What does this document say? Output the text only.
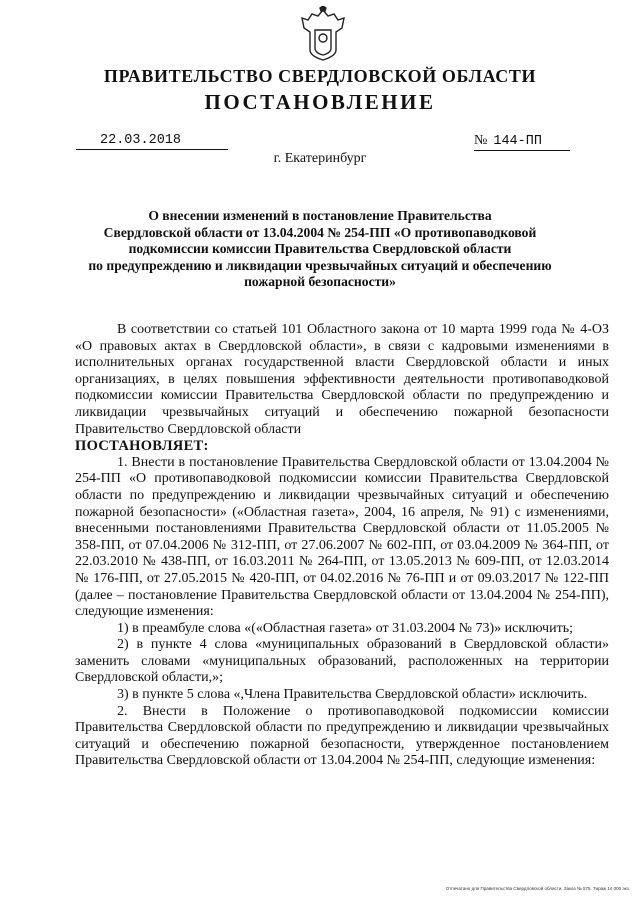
ПРАВИТЕЛЬСТВО СВЕРДЛОВСКОЙ ОБЛАСТИ
ПОСТАНОВЛЕНИЕ
22.03.2018	№ 144-ПП
г. Екатеринбург
О внесении изменений в постановление Правительства
Свердловской области от 13.04.2004 № 254-ПП «О противопаводковой
подкомиссии комиссии Правительства Свердловской области
по предупреждению и ликвидации чрезвычайных ситуаций и обеспечению
пожарной безопасности»

В соответствии со статьей 101 Областного закона от 10 марта 1999 года № 4-ОЗ «О правовых актах в Свердловской области», в связи с кадровыми изменениями в исполнительных органах государственной власти Свердловской области и иных организациях, в целях повышения эффективности деятельности противопаводковой подкомиссии комиссии Правительства Свердловской области по предупреждению и ликвидации чрезвычайных ситуаций и обеспечению пожарной безопасности Правительство Свердловской области

ПОСТАНОВЛЯЕТ:

1. Внести в постановление Правительства Свердловской области от 13.04.2004 № 254-ПП «О противопаводковой подкомиссии комиссии Правительства Свердловской области по предупреждению и ликвидации чрезвычайных ситуаций и обеспечению пожарной безопасности» («Областная газета», 2004, 16 апреля, № 91) с изменениями, внесенными постановлениями Правительства Свердловской области от 11.05.2005 № 358-ПП, от 07.04.2006 № 312-ПП, от 27.06.2007 № 602-ПП, от 03.04.2009 № 364-ПП, от 22.03.2010 № 438-ПП, от 16.03.2011 № 264-ПП, от 13.05.2013 № 609-ПП, от 12.03.2014 № 176-ПП, от 27.05.2015 № 420-ПП, от 04.02.2016 № 76-ПП и от 09.03.2017 № 122-ПП (далее – постановление Правительства Свердловской области от 13.04.2004 № 254-ПП), следующие изменения:

1) в преамбуле слова «(«Областная газета» от 31.03.2004 № 73)» исключить;

2) в пункте 4 слова «муниципальных образований в Свердловской области» заменить словами «муниципальных образований, расположенных на территории Свердловской области,»;

3) в пункте 5 слова «,Члена Правительства Свердловской области» исключить.

2. Внести в Положение о противопаводковой подкомиссии комиссии Правительства Свердловской области по предупреждению и ликвидации чрезвычайных ситуаций и обеспечению пожарной безопасности, утвержденное постановлением Правительства Свердловской области от 13.04.2004 № 254-ПП, следующие изменения:

Отпечатано для Правительства Свердловской области. Заказ № 575. Тираж 14 000 экз.
